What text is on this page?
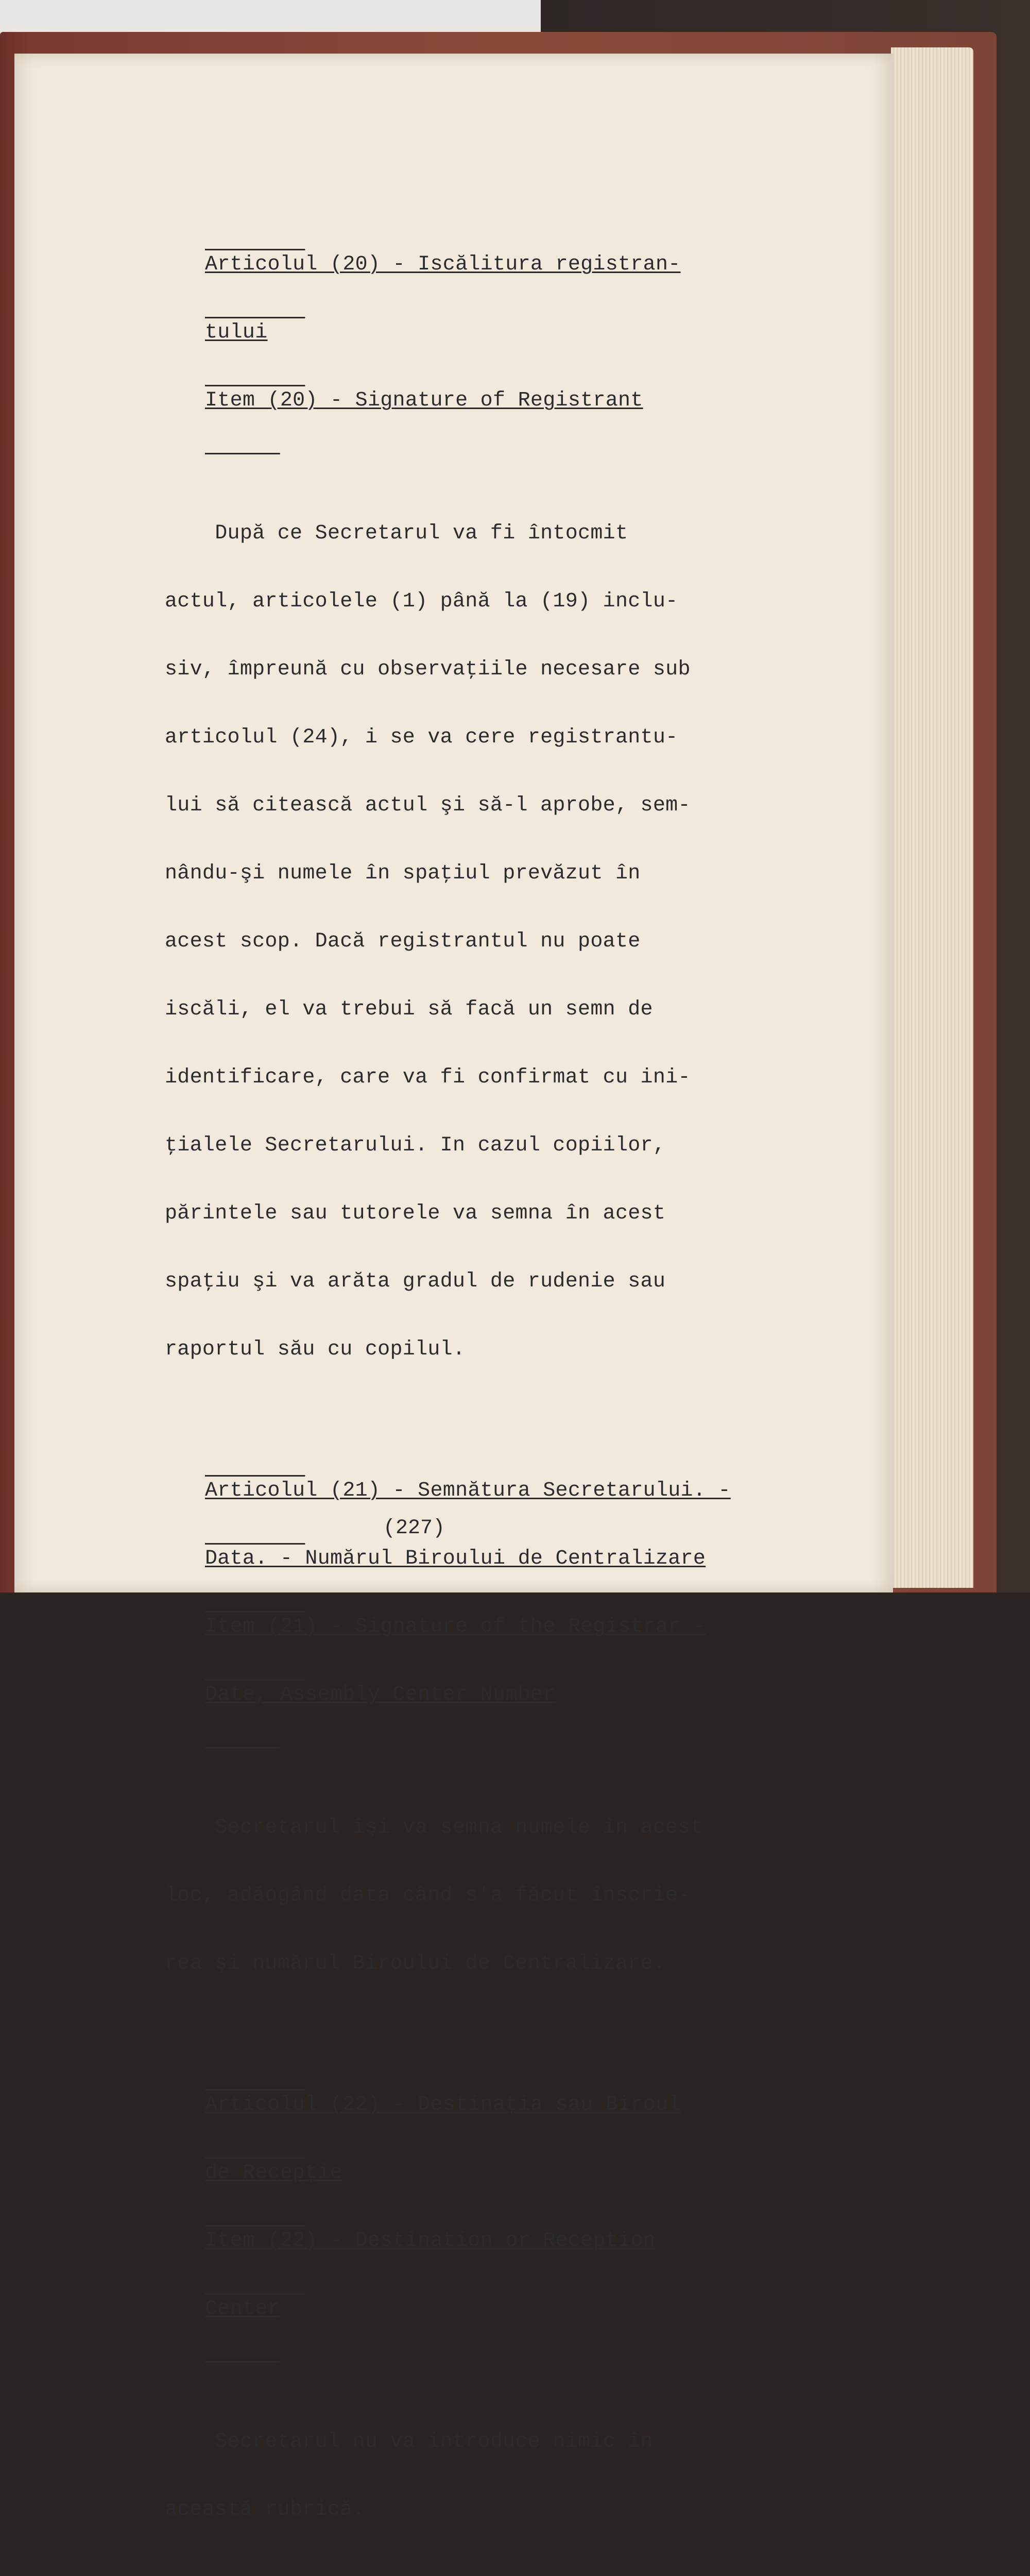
Articolul (20) - Iscălitura registran-

tului

Item (20) - Signature of Registrant

După ce Secretarul va fi întocmit

actul, articolele (1) până la (19) inclu-

siv, împreună cu observaţiile necesare sub

articolul (24), i se va cere registrantu-

lui să citească actul şi să-l aprobe, sem-

nându-şi numele în spaţiul prevăzut în

acest scop. Dacă registrantul nu poate

iscăli, el va trebui să facă un semn de

identificare, care va fi confirmat cu ini-

ţialele Secretarului. In cazul copiilor,

părintele sau tutorele va semna în acest

spaţiu şi va arăta gradul de rudenie sau

raportul său cu copilul.

Articolul (21) - Semnătura Secretarului. -

Data. - Numărul Biroului de Centralizare

Item (21) - Signature of the Registrar -

Date, Assembly Center Number

Secretarul îşi va semna numele în acest

loc, adăogând data când s'a făcut înscrie-

rea şi numărul Biroului de Centralizare.

Articolul (22) - Destinaţia sau Biroul

de Recepţie

Item (22) - Destination or Reception

Center

Secretarul nu va introduce nimic în

această rubrică.

(227)
